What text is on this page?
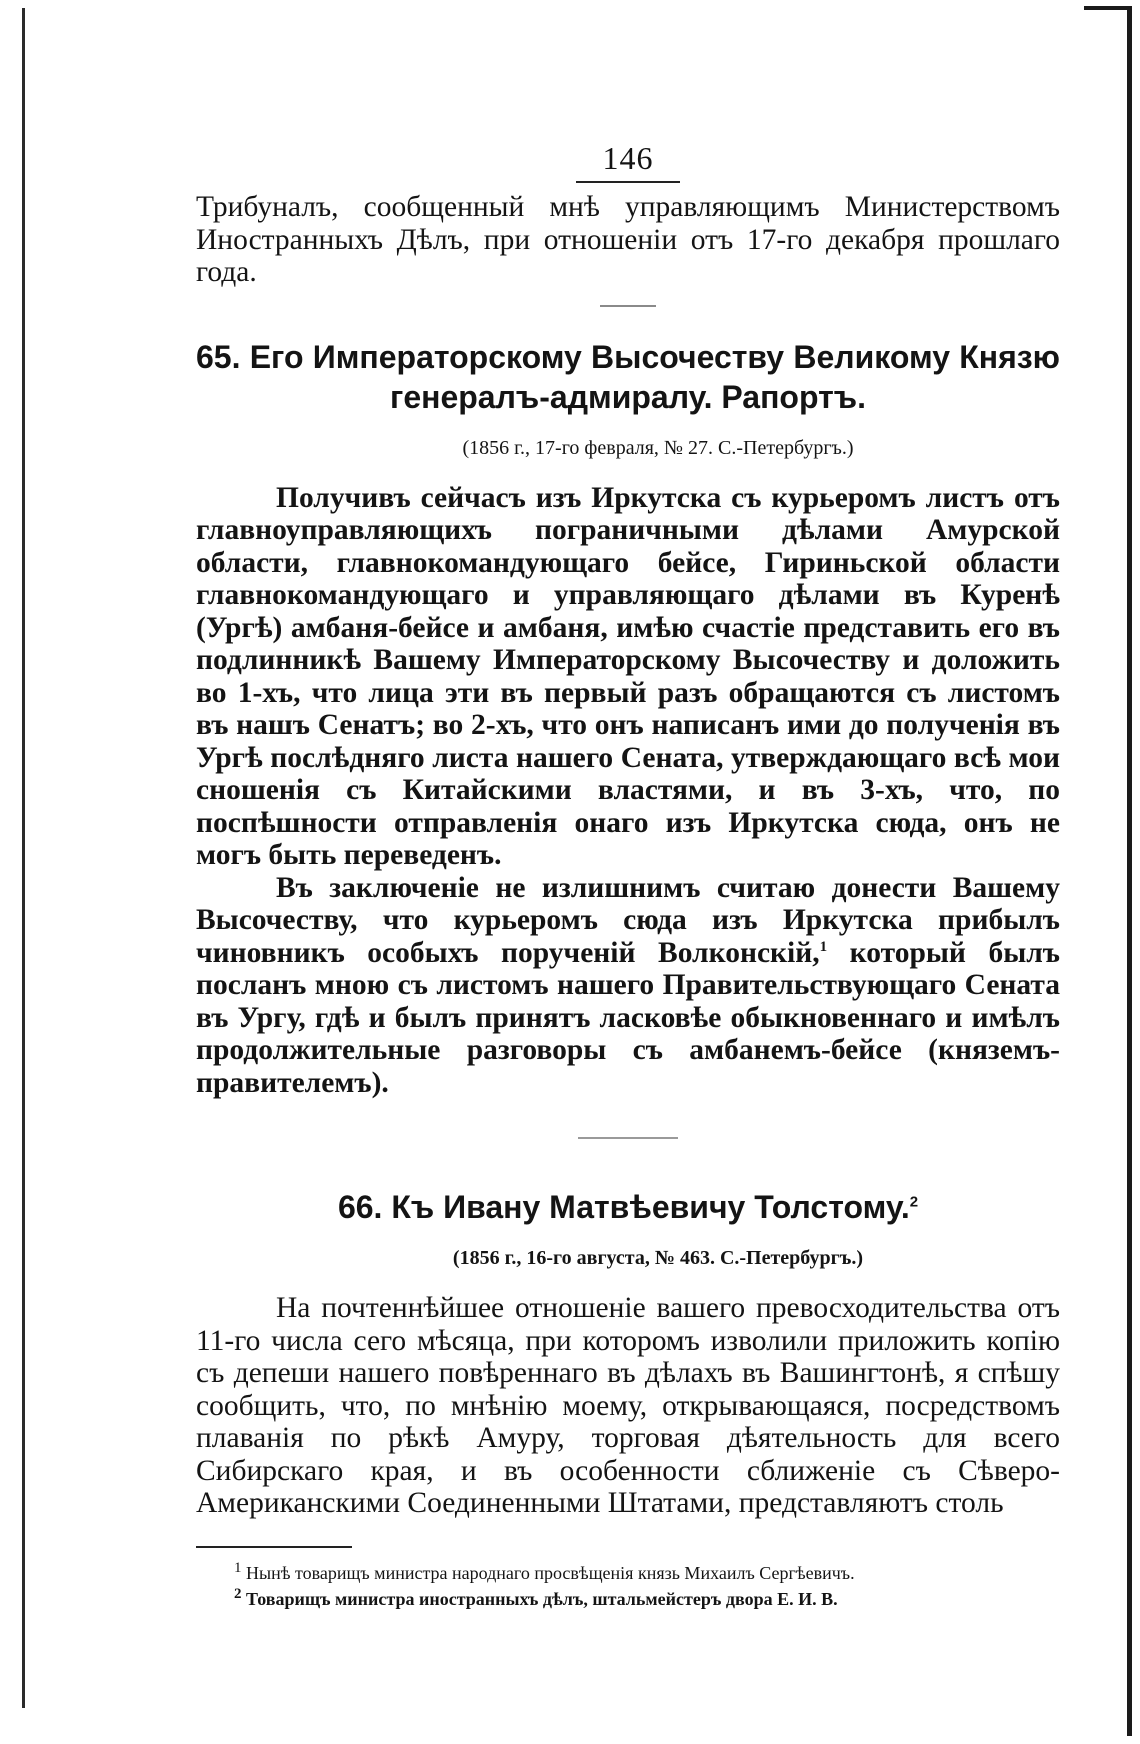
146

Трибуналъ, сообщенный мнѣ управляющимъ Министерствомъ Иностранныхъ Дѣлъ, при отношеніи отъ 17-го декабря прошлаго года.

65. Его Императорскому Высочеству Великому Князю генералъ-адмиралу. Рапортъ.
(1856 г., 17-го февраля, № 27. С.-Петербургъ.)

Получивъ сейчасъ изъ Иркутска съ курьеромъ листъ отъ главноуправляющихъ пограничными дѣлами Амурской области, главнокомандующаго бейсе, Гириньской области главнокомандующаго и управляющаго дѣлами въ Куренѣ (Ургѣ) амбаня-бейсе и амбаня, имѣю счастіе представить его въ подлинникѣ Вашему Императорскому Высочеству и доложить во 1-хъ, что лица эти въ первый разъ обращаются съ листомъ въ нашъ Сенатъ; во 2-хъ, что онъ написанъ ими до полученія въ Ургѣ послѣдняго листа нашего Сената, утверждающаго всѣ мои сношенія съ Китайскими властями, и въ 3-хъ, что, по поспѣшности отправленія онаго изъ Иркутска сюда, онъ не могъ быть переведенъ.

Въ заключеніе не излишнимъ считаю донести Вашему Высочеству, что курьеромъ сюда изъ Иркутска прибылъ чиновникъ особыхъ порученій Волконскій,$^1$ который былъ посланъ мною съ листомъ нашего Правительствующаго Сената въ Ургу, гдѣ и былъ принятъ ласковѣе обыкновеннаго и имѣлъ продолжительные разговоры съ амбанемъ-бейсе (княземъ-правителемъ).

66. Къ Ивану Матвѣевичу Толстому.$^2$
(1856 г., 16-го августа, № 463. С.-Петербургъ.)

На почтеннѣйшее отношеніе вашего превосходительства отъ 11-го числа сего мѣсяца, при которомъ изволили приложить копію съ депеши нашего повѣреннаго въ дѣлахъ въ Вашингтонѣ, я спѣшу сообщить, что, по мнѣнію моему, открывающаяся, посредствомъ плаванія по рѣкѣ Амуру, торговая дѣятельность для всего Сибирскаго края, и въ особенности сближеніе съ Сѣверо-Американскими Соединенными Штатами, представляютъ столь

$^1$ Нынѣ товарищъ министра народнаго просвѣщенія князь Михаилъ Сергѣевичъ.
$^2$ Товарищъ министра иностранныхъ дѣлъ, штальмейстеръ двора Е. И. В.
